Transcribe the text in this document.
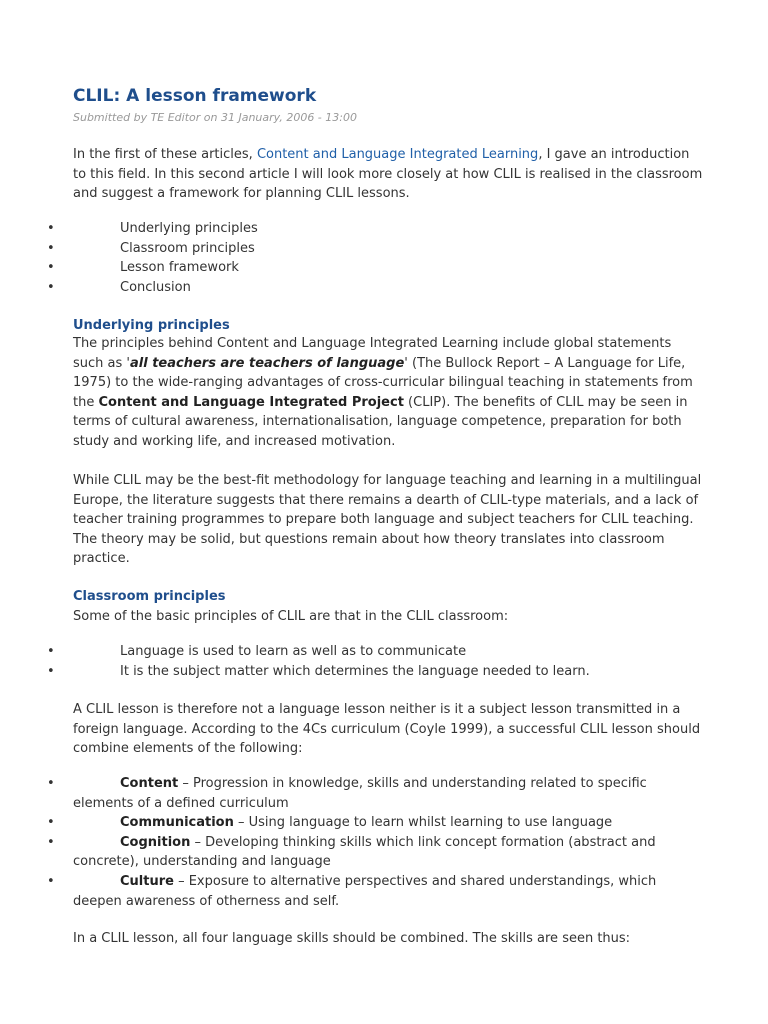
CLIL: A lesson framework
Submitted by TE Editor on 31 January, 2006 - 13:00

In the first of these articles, Content and Language Integrated Learning, I gave an introduction to this field. In this second article I will look more closely at how CLIL is realised in the classroom and suggest a framework for planning CLIL lessons.

•	Underlying principles
•	Classroom principles
•	Lesson framework
•	Conclusion
Underlying principles

The principles behind Content and Language Integrated Learning include global statements such as 'all teachers are teachers of language' (The Bullock Report – A Language for Life, 1975) to the wide-ranging advantages of cross-curricular bilingual teaching in statements from the Content and Language Integrated Project (CLIP). The benefits of CLIL may be seen in terms of cultural awareness, internationalisation, language competence, preparation for both study and working life, and increased motivation.

While CLIL may be the best-fit methodology for language teaching and learning in a multilingual Europe, the literature suggests that there remains a dearth of CLIL-type materials, and a lack of teacher training programmes to prepare both language and subject teachers for CLIL teaching. The theory may be solid, but questions remain about how theory translates into classroom practice.

Classroom principles

Some of the basic principles of CLIL are that in the CLIL classroom:

•	Language is used to learn as well as to communicate
•	It is the subject matter which determines the language needed to learn.

A CLIL lesson is therefore not a language lesson neither is it a subject lesson transmitted in a foreign language. According to the 4Cs curriculum (Coyle 1999), a successful CLIL lesson should combine elements of the following:

•	Content – Progression in knowledge, skills and understanding related to specific elements of a defined curriculum
•	Communication – Using language to learn whilst learning to use language
•	Cognition – Developing thinking skills which link concept formation (abstract and concrete), understanding and language
•	Culture – Exposure to alternative perspectives and shared understandings, which deepen awareness of otherness and self.

In a CLIL lesson, all four language skills should be combined. The skills are seen thus:
